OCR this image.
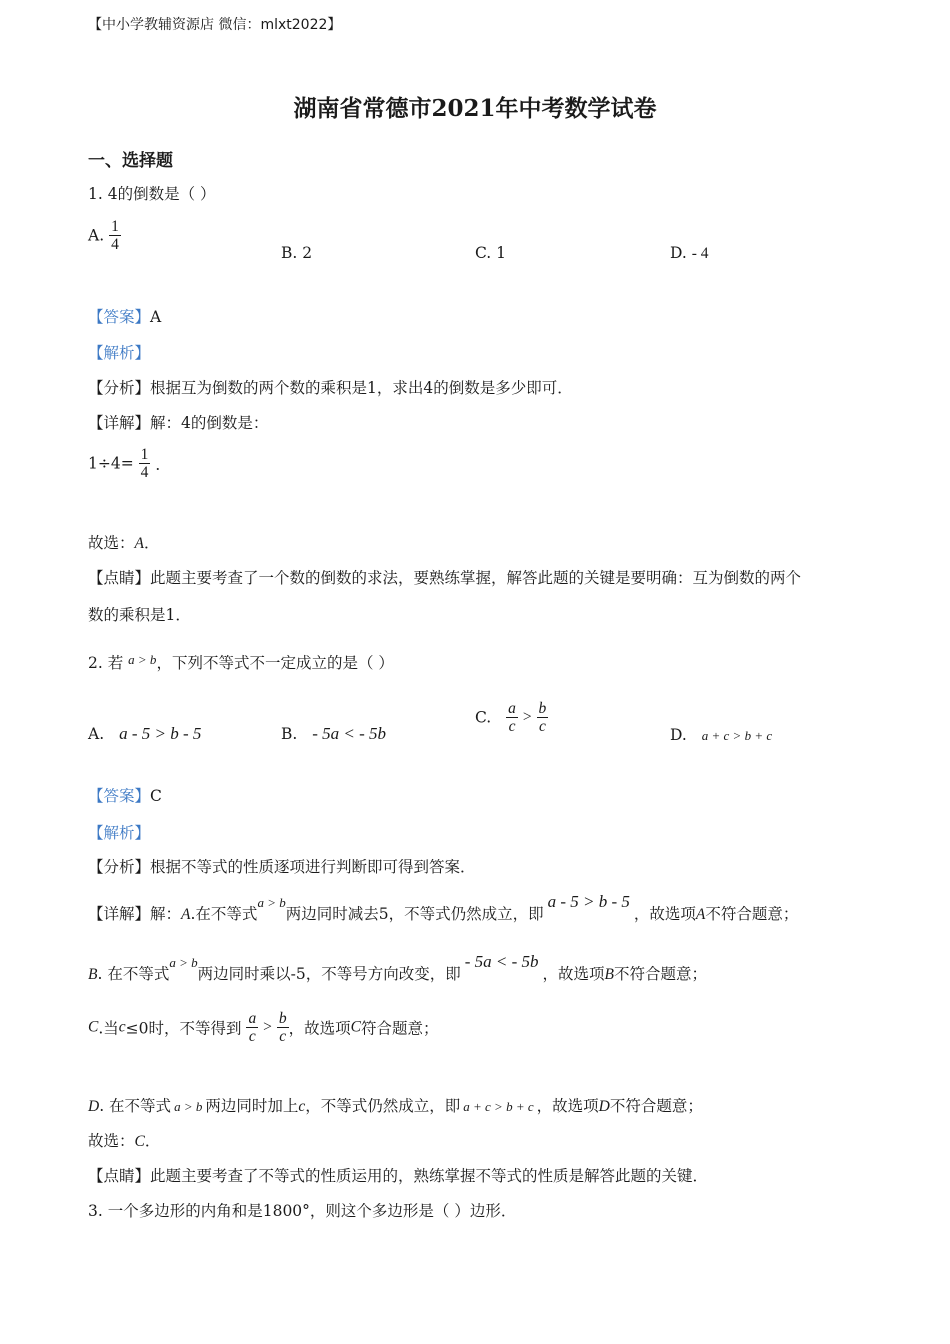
【中小学教辅资源店 微信：mlxt2022】
湖南省常德市2021年中考数学试卷
一、选择题
1. 4的倒数是（ ）
A. $\frac{1}{4}$	B. 2	C. 1	D. - 4
【答案】A
【解析】
【分析】根据互为倒数的两个数的乘积是1，求出4的倒数是多少即可．
【详解】解：4的倒数是：
$1\div 4= \frac{1}{4}$ ．
故选：A．
【点睛】此题主要考查了一个数的倒数的求法，要熟练掌握，解答此题的关键是要明确：互为倒数的两个
数的乘积是1．
2. 若 $^{a > b}$，下列不等式不一定成立的是（ ）
A. a - 5 > b - 5	B. - 5a < - 5b
C. $\frac{a}{c} > \frac{b}{c}$	D. a + c > b + c
【答案】C
【解析】
【分析】根据不等式的性质逐项进行判断即可得到答案．
【详解】解：A.在不等式$^{a > b}$两边同时减去5，不等式仍然成立，即a - 5 > b - 5，故选项A不符合题意；
B. 在不等式$^{a > b}$两边同时乘以-5，不等号方向改变，即- 5a < - 5b，故选项B不符合题意；
C.当c≤0时，不等得到 $\frac{a}{c} > \frac{b}{c}$ ，故选项C符合题意；
D. 在不等式 a > b 两边同时加上c，不等式仍然成立，即 a + c > b + c ，故选项D不符合题意；
故选：C．
【点睛】此题主要考查了不等式的性质运用的，熟练掌握不等式的性质是解答此题的关键．
3. 一个多边形的内角和是1800°，则这个多边形是（ ）边形．
